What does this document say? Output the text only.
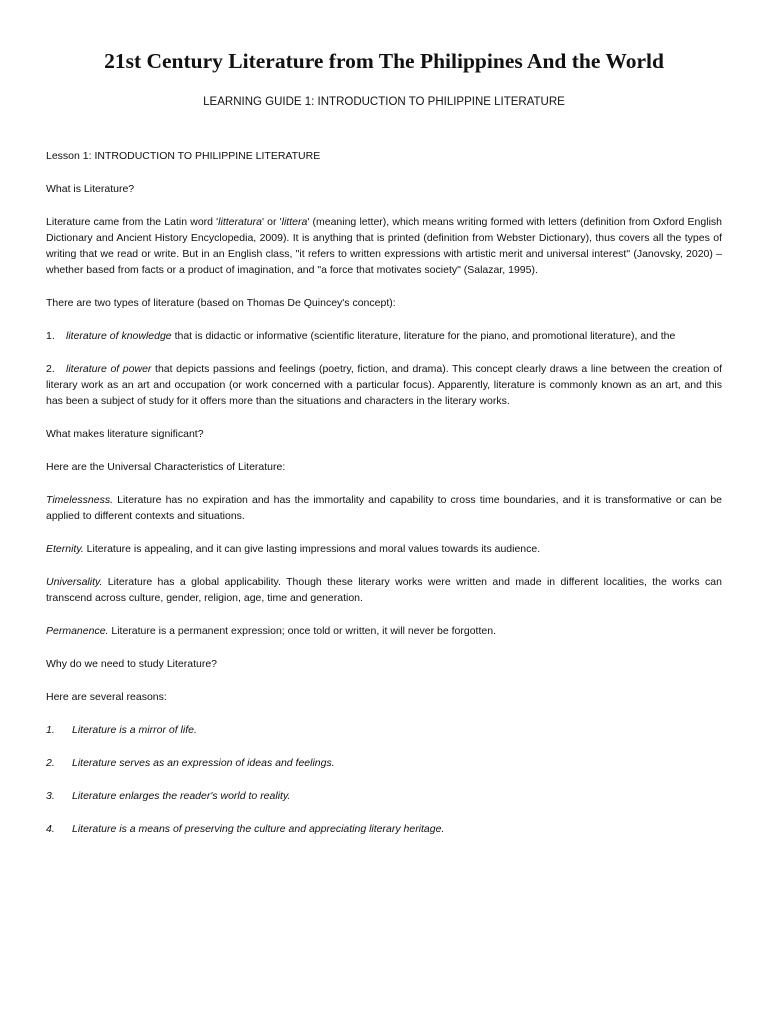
21st Century Literature from The Philippines And the World
LEARNING GUIDE 1: INTRODUCTION TO PHILIPPINE LITERATURE
Lesson 1: INTRODUCTION TO PHILIPPINE LITERATURE
What is Literature?

Literature came from the Latin word 'litteratura' or 'littera' (meaning letter), which means writing formed with letters (definition from Oxford English Dictionary and Ancient History Encyclopedia, 2009). It is anything that is printed (definition from Webster Dictionary), thus covers all the types of writing that we read or write. But in an English class, "it refers to written expressions with artistic merit and universal interest" (Janovsky, 2020) – whether based from facts or a product of imagination, and "a force that motivates society" (Salazar, 1995).

There are two types of literature (based on Thomas De Quincey's concept):

1. literature of knowledge that is didactic or informative (scientific literature, literature for the piano, and promotional literature), and the

2. literature of power that depicts passions and feelings (poetry, fiction, and drama). This concept clearly draws a line between the creation of literary work as an art and occupation (or work concerned with a particular focus). Apparently, literature is commonly known as an art, and this has been a subject of study for it offers more than the situations and characters in the literary works.

What makes literature significant?

Here are the Universal Characteristics of Literature:

Timelessness. Literature has no expiration and has the immortality and capability to cross time boundaries, and it is transformative or can be applied to different contexts and situations.

Eternity. Literature is appealing, and it can give lasting impressions and moral values towards its audience.

Universality. Literature has a global applicability. Though these literary works were written and made in different localities, the works can transcend across culture, gender, religion, age, time and generation.

Permanence. Literature is a permanent expression; once told or written, it will never be forgotten.

Why do we need to study Literature?

Here are several reasons:

1.	Literature is a mirror of life.
2.	Literature serves as an expression of ideas and feelings.
3.	Literature enlarges the reader's world to reality.
4.	Literature is a means of preserving the culture and appreciating literary heritage.
